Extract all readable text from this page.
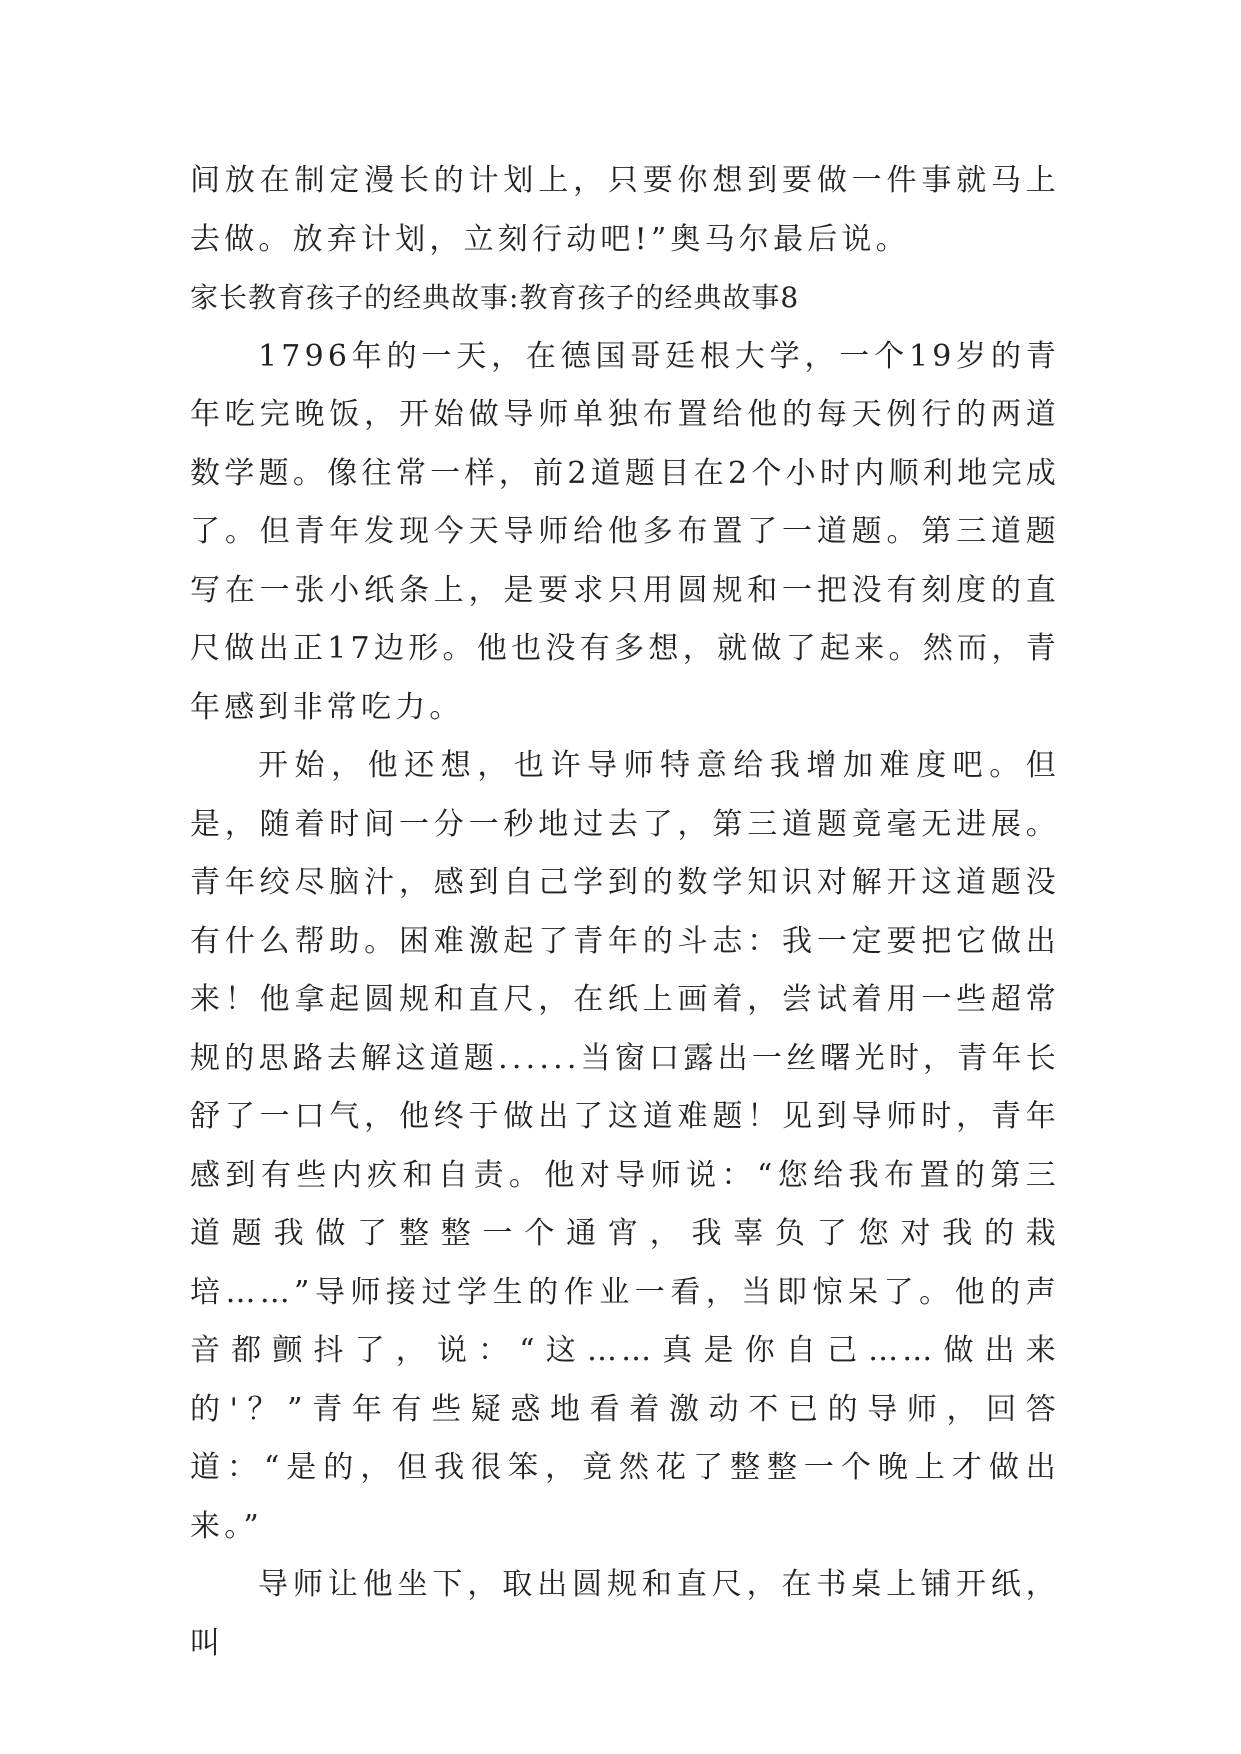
间放在制定漫长的计划上，只要你想到要做一件事就马上去做。放弃计划，立刻行动吧!”奥马尔最后说。

家长教育孩子的经典故事:教育孩子的经典故事8

1796年的一天，在德国哥廷根大学，一个19岁的青年吃完晚饭，开始做导师单独布置给他的每天例行的两道数学题。像往常一样，前2道题目在2个小时内顺利地完成了。但青年发现今天导师给他多布置了一道题。第三道题写在一张小纸条上，是要求只用圆规和一把没有刻度的直尺做出正17边形。他也没有多想，就做了起来。然而，青年感到非常吃力。

开始，他还想，也许导师特意给我增加难度吧。但是，随着时间一分一秒地过去了，第三道题竟毫无进展。青年绞尽脑汁，感到自己学到的数学知识对解开这道题没有什么帮助。困难激起了青年的斗志：我一定要把它做出来！他拿起圆规和直尺，在纸上画着，尝试着用一些超常规的思路去解这道题......当窗口露出一丝曙光时，青年长舒了一口气，他终于做出了这道难题！见到导师时，青年感到有些内疚和自责。他对导师说：“您给我布置的第三道题我做了整整一个通宵，我辜负了您对我的栽培……”导师接过学生的作业一看，当即惊呆了。他的声音都颤抖了，说：“这……真是你自己……做出来的'？”青年有些疑惑地看着激动不已的导师，回答道：“是的，但我很笨，竟然花了整整一个晚上才做出来。”

导师让他坐下，取出圆规和直尺，在书桌上铺开纸，叫
